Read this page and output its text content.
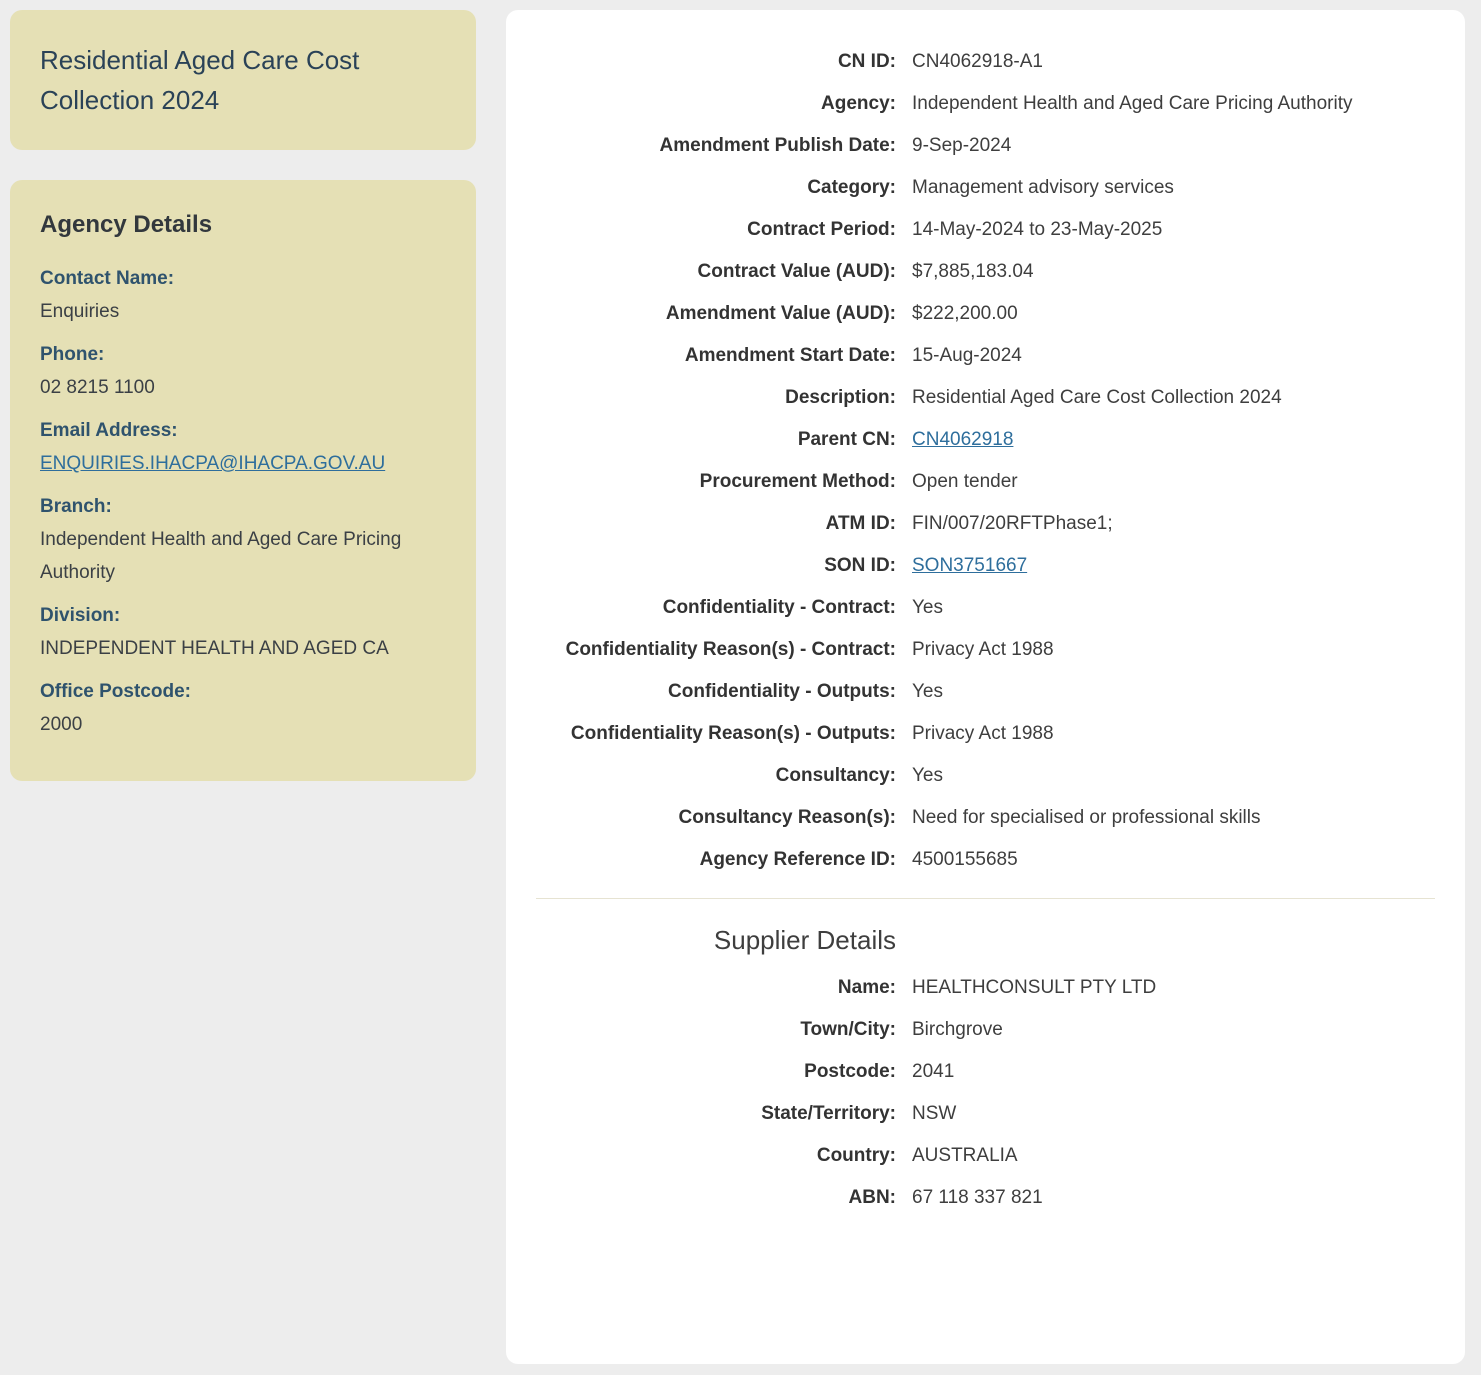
Residential Aged Care Cost Collection 2024
Agency Details
Contact Name:
Enquiries
Phone:
02 8215 1100
Email Address:
ENQUIRIES.IHACPA@IHACPA.GOV.AU
Branch:
Independent Health and Aged Care Pricing Authority
Division:
INDEPENDENT HEALTH AND AGED CA
Office Postcode:
2000
CN ID: CN4062918-A1
Agency: Independent Health and Aged Care Pricing Authority
Amendment Publish Date: 9-Sep-2024
Category: Management advisory services
Contract Period: 14-May-2024 to 23-May-2025
Contract Value (AUD): $7,885,183.04
Amendment Value (AUD): $222,200.00
Amendment Start Date: 15-Aug-2024
Description: Residential Aged Care Cost Collection 2024
Parent CN: CN4062918
Procurement Method: Open tender
ATM ID: FIN/007/20RFTPhase1;
SON ID: SON3751667
Confidentiality - Contract: Yes
Confidentiality Reason(s) - Contract: Privacy Act 1988
Confidentiality - Outputs: Yes
Confidentiality Reason(s) - Outputs: Privacy Act 1988
Consultancy: Yes
Consultancy Reason(s): Need for specialised or professional skills
Agency Reference ID: 4500155685
Supplier Details
Name: HEALTHCONSULT PTY LTD
Town/City: Birchgrove
Postcode: 2041
State/Territory: NSW
Country: AUSTRALIA
ABN: 67 118 337 821
